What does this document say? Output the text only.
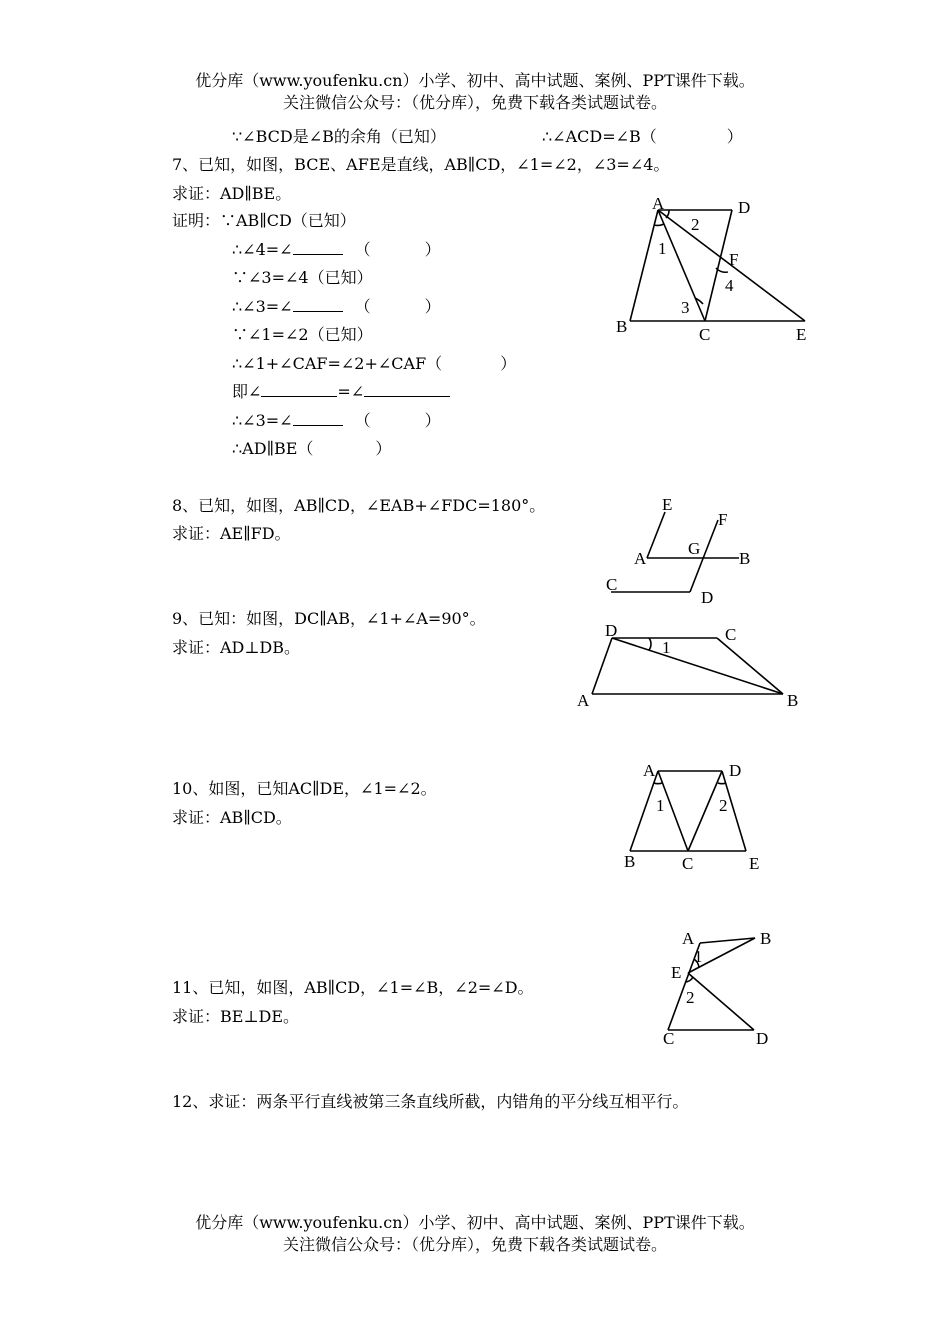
优分库（www.youfenku.cn）小学、初中、高中试题、案例、PPT课件下载。
关注微信公众号：（优分库），免费下载各类试题试卷。
∵∠BCD是∠B的余角（已知）	∴∠ACD=∠B（	）
7、已知，如图，BCE、AFE是直线，AB∥CD，∠1=∠2，∠3=∠4。
求证：AD∥BE。
证明：∵AB∥CD（已知）
∴∠4=∠	（	）
∵∠3=∠4（已知）
∴∠3=∠	（	）
∵∠1=∠2（已知）
∴∠1+∠CAF=∠2+∠CAF（	）
即∠	=∠
∴∠3=∠	（	）
∴AD∥BE（	）
A	D
B	C	E
F
1
2
3
4
8、已知，如图，AB∥CD，∠EAB+∠FDC=180°。
求证：AE∥FD。
E
F
A
G
B
C
D
9、已知：如图，DC∥AB，∠1+∠A=90°。
求证：AD⊥DB。
D	C
A	B
1
10、如图，已知AC∥DE，∠1=∠2。
求证：AB∥CD。
A	D
B	C	E
1	2
11、已知，如图，AB∥CD，∠1=∠B，∠2=∠D。
求证：BE⊥DE。
A	B
E
C	D
1
2
12、求证：两条平行直线被第三条直线所截，内错角的平分线互相平行。
优分库（www.youfenku.cn）小学、初中、高中试题、案例、PPT课件下载。
关注微信公众号：（优分库），免费下载各类试题试卷。
